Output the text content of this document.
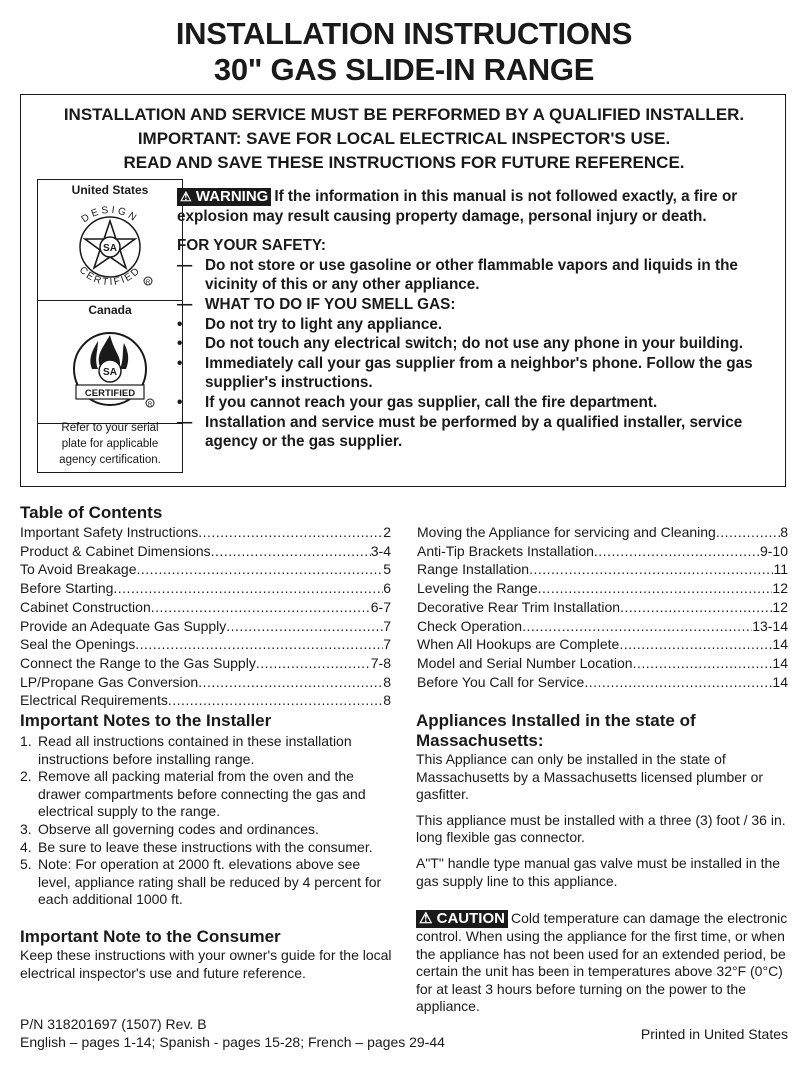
INSTALLATION INSTRUCTIONS
30" GAS SLIDE-IN RANGE
INSTALLATION AND SERVICE MUST BE PERFORMED BY A QUALIFIED INSTALLER.
IMPORTANT: SAVE FOR LOCAL ELECTRICAL INSPECTOR'S USE.
READ AND SAVE THESE INSTRUCTIONS FOR FUTURE REFERENCE.
United States
SA
DESIGN
CERTIFIED
R
Canada
SA
CERTIFIED
R
Refer to your serial
plate for applicable
agency certification.
⚠ WARNING If the information in this manual is not followed exactly, a fire or explosion may result causing property damage, personal injury or death.
FOR YOUR SAFETY:
— Do not store or use gasoline or other flammable vapors and liquids in the vicinity of this or any other appliance.
— WHAT TO DO IF YOU SMELL GAS:
•	Do not try to light any appliance.
•	Do not touch any electrical switch; do not use any phone in your building.
•	Immediately call your gas supplier from a neighbor's phone. Follow the gas supplier's instructions.
•	If you cannot reach your gas supplier, call the fire department.
— Installation and service must be performed by a qualified installer, service agency or the gas supplier.
Table of Contents
Important Safety Instructions .....	2
Product & Cabinet Dimensions .....	3-4
To Avoid Breakage .....	5
Before Starting .....	6
Cabinet Construction .....	6-7
Provide an Adequate Gas Supply .....	7
Seal the Openings .....	7
Connect the Range to the Gas Supply .....	7-8
LP/Propane Gas Conversion .....	8
Electrical Requirements .....	8
Moving the Appliance for servicing and Cleaning .....	8
Anti-Tip Brackets Installation .....	9-10
Range Installation .....	11
Leveling the Range .....	12
Decorative Rear Trim Installation .....	12
Check Operation .....	13-14
When All Hookups are Complete .....	14
Model and Serial Number Location .....	14
Before You Call for Service .....	14
Important Notes to the Installer
1. Read all instructions contained in these installation instructions before installing range.
2. Remove all packing material from the oven and the drawer compartments before connecting the gas and electrical supply to the range.
3. Observe all governing codes and ordinances.
4. Be sure to leave these instructions with the consumer.
5. Note: For operation at 2000 ft. elevations above see level, appliance rating shall be reduced by 4 percent for each additional 1000 ft.
Important Note to the Consumer
Keep these instructions with your owner's guide for the local electrical inspector's use and future reference.
Appliances Installed in the state of Massachusetts:

This Appliance can only be installed in the state of Massachusetts by a Massachusetts licensed plumber or gasfitter.

This appliance must be installed with a three (3) foot / 36 in. long flexible gas connector.

A"T" handle type manual gas valve must be installed in the gas supply line to this appliance.

⚠ CAUTION Cold temperature can damage the electronic control. When using the appliance for the first time, or when the appliance has not been used for an extended period, be certain the unit has been in temperatures above 32°F (0°C) for at least 3 hours before turning on the power to the appliance.
P/N 318201697 (1507) Rev. B
English – pages 1-14; Spanish - pages 15-28; French – pages 29-44	Printed in United States
